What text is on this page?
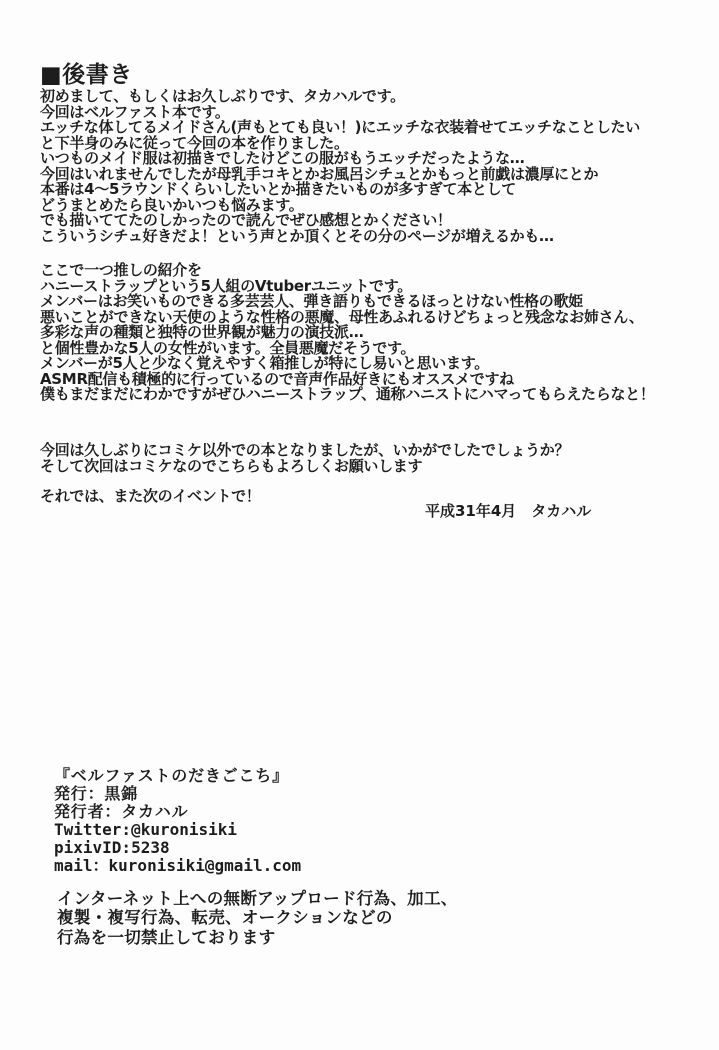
■後書き
初めまして、もしくはお久しぶりです、タカハルです。
今回はベルファスト本です。
エッチな体してるメイドさん(声もとても良い！)にエッチな衣装着せてエッチなことしたい
と下半身のみに従って今回の本を作りました。
いつものメイド服は初描きでしたけどこの服がもうエッチだったような…
今回はいれませんでしたが母乳手コキとかお風呂シチュとかもっと前戯は濃厚にとか
本番は4～5ラウンドくらいしたいとか描きたいものが多すぎて本として
どうまとめたら良いかいつも悩みます。
でも描いててたのしかったので読んでぜひ感想とかください！
こういうシチュ好きだよ！という声とか頂くとその分のページが増えるかも…
ここで一つ推しの紹介を
ハニーストラップという5人組のVtuberユニットです。
メンバーはお笑いものできる多芸芸人、弾き語りもできるほっとけない性格の歌姫
悪いことができない天使のような性格の悪魔、母性あふれるけどちょっと残念なお姉さん、
多彩な声の種類と独特の世界観が魅力の演技派…
と個性豊かな5人の女性がいます。全員悪魔だそうです。
メンバーが5人と少なく覚えやすく箱推しが特にし易いと思います。
ASMR配信も積極的に行っているので音声作品好きにもオススメですね
僕もまだまだにわかですがぜひハニーストラップ、通称ハニストにハマってもらえたらなと！
今回は久しぶりにコミケ以外での本となりましたが、いかがでしたでしょうか？
そして次回はコミケなのでこちらもよろしくお願いします
それでは、また次のイベントで！
平成31年4月　タカハル
『ベルファストのだきごこち』
発行：黒錦
発行者：タカハル
Twitter:@kuronisiki
pixivID:5238
mail：kuronisiki@gmail.com
インターネット上への無断アップロード行為、加工、
複製・複写行為、転売、オークションなどの
行為を一切禁止しております
